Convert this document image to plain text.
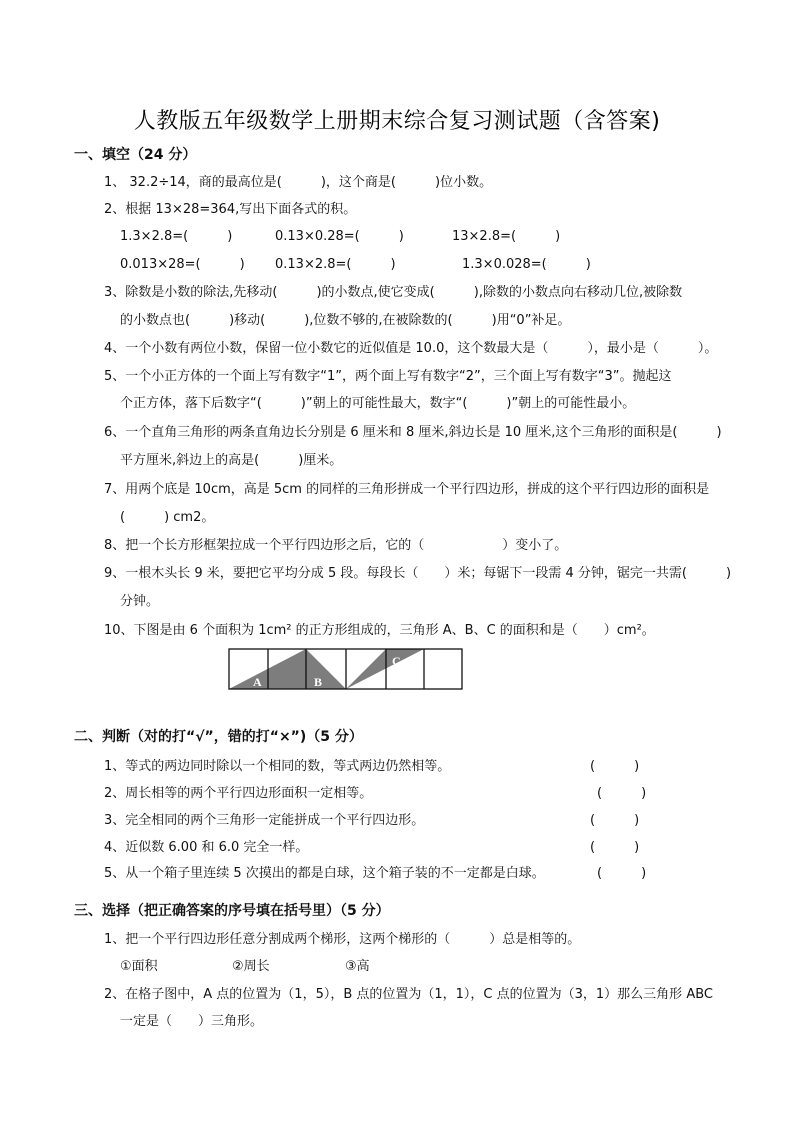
人教版五年级数学上册期末综合复习测试题（含答案)
一、填空（24 分）
1、 32.2÷14，商的最高位是(　　　)，这个商是(　　　)位小数。
2、根据 13×28=364,写出下面各式的积。
1.3×2.8=(　　　)	0.13×0.28=(　　　)	13×2.8=(　　　)
0.013×28=(　　　) 0.13×2.8=(　　　)	1.3×0.028=(　　　)
3、除数是小数的除法,先移动(　　　)的小数点,使它变成(　　　),除数的小数点向右移动几位,被除数
的小数点也(　　　)移动(　　　),位数不够的,在被除数的(　　　)用“0”补足。
4、一个小数有两位小数，保留一位小数它的近似值是 10.0，这个数最大是（　　　），最小是（　　　）。
5、一个小正方体的一个面上写有数字“1”，两个面上写有数字“2”，三个面上写有数字“3”。抛起这
个正方体，落下后数字“(　　　)”朝上的可能性最大，数字“(　　　)”朝上的可能性最小。
6、一个直角三角形的两条直角边长分别是 6 厘米和 8 厘米,斜边长是 10 厘米,这个三角形的面积是(　　　)
平方厘米,斜边上的高是(　　　)厘米。
7、用两个底是 10cm，高是 5cm 的同样的三角形拼成一个平行四边形，拼成的这个平行四边形的面积是
(　　　) cm2。
8、把一个长方形框架拉成一个平行四边形之后，它的（　　　　　　）变小了。
9、一根木头长 9 米，要把它平均分成 5 段。每段长（　　）米；每锯下一段需 4 分钟，锯完一共需(　　　)
分钟。
10、下图是由 6 个面积为 1cm² 的正方形组成的，三角形 A、B、C 的面积和是（　　）cm²。
A	B
C
二、判断（对的打“√”，错的打“×”)（5 分）
1、等式的两边同时除以一个相同的数，等式两边仍然相等。	(　　　)
2、周长相等的两个平行四边形面积一定相等。	(　　　)
3、完全相同的两个三角形一定能拼成一个平行四边形。	(　　　)
4、近似数 6.00 和 6.0 完全一样。	(　　　)
5、从一个箱子里连续 5 次摸出的都是白球，这个箱子装的不一定都是白球。	(　　　)
三、选择（把正确答案的序号填在括号里）（5 分）
1、把一个平行四边形任意分割成两个梯形，这两个梯形的（　　　）总是相等的。
①面积	②周长	③高
2、在格子图中，A 点的位置为（1，5），B 点的位置为（1，1），C 点的位置为（3，1）那么三角形 ABC
一定是（　　）三角形。
